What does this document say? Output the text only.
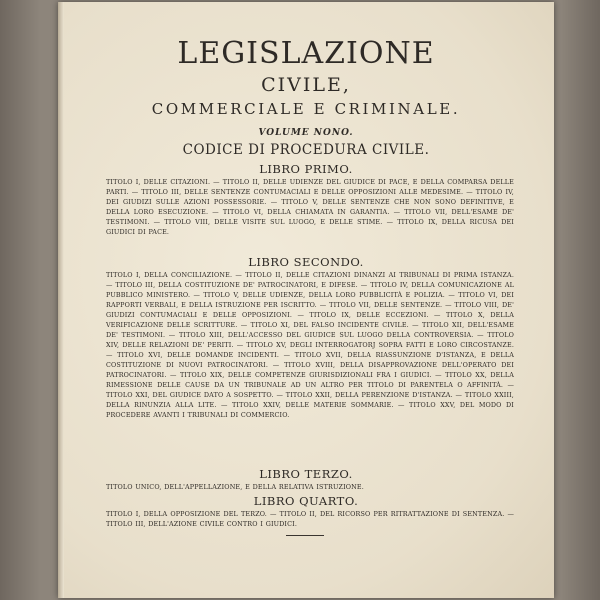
LEGISLAZIONE
CIVILE,
COMMERCIALE E CRIMINALE.
VOLUME NONO.
CODICE DI PROCEDURA CIVILE.
LIBRO PRIMO.
TITOLO I, DELLE CITAZIONI. — TITOLO II, DELLE UDIENZE DEL GIUDICE DI PACE, E DELLA COMPARSA DELLE PARTI. — TITOLO III, DELLE SENTENZE CONTUMACIALI E DELLE OPPOSIZIONI ALLE MEDESIME. — TITOLO IV, DEI GIUDIZI SULLE AZIONI POSSESSORIE. — TITOLO V, DELLE SENTENZE CHE NON SONO DEFINITIVE, E DELLA LORO ESECUZIONE. — TITOLO VI, DELLA CHIAMATA IN GARANTIA. — TITOLO VII, DELL'ESAME DE' TESTIMONI. — TITOLO VIII, DELLE VISITE SUL LUOGO, E DELLE STIME. — TITOLO IX, DELLA RICUSA DEI GIUDICI DI PACE.
LIBRO SECONDO.
TITOLO I, DELLA CONCILIAZIONE. — TITOLO II, DELLE CITAZIONI DINANZI AI TRIBUNALI DI PRIMA ISTANZA. — TITOLO III, DELLA COSTITUZIONE DE' PATROCINATORI, E DIFESE. — TITOLO IV, DELLA COMUNICAZIONE AL PUBBLICO MINISTERO. — TITOLO V, DELLE UDIENZE, DELLA LORO PUBBLICITÀ E POLIZIA. — TITOLO VI, DEI RAPPORTI VERBALI, E DELLA ISTRUZIONE PER ISCRITTO. — TITOLO VII, DELLE SENTENZE. — TITOLO VIII, DE' GIUDIZI CONTUMACIALI E DELLE OPPOSIZIONI. — TITOLO IX, DELLE ECCEZIONI. — TITOLO X, DELLA VERIFICAZIONE DELLE SCRITTURE. — TITOLO XI, DEL FALSO INCIDENTE CIVILE. — TITOLO XII, DELL'ESAME DE' TESTIMONI. — TITOLO XIII, DELL'ACCESSO DEL GIUDICE SUL LUOGO DELLA CONTROVERSIA. — TITOLO XIV, DELLE RELAZIONI DE' PERITI. — TITOLO XV, DEGLI INTERROGATORJ SOPRA FATTI E LORO CIRCOSTANZE. — TITOLO XVI, DELLE DOMANDE INCIDENTI. — TITOLO XVII, DELLA RIASSUNZIONE D'ISTANZA, E DELLA COSTITUZIONE DI NUOVI PATROCINATORI. — TITOLO XVIII, DELLA DISAPPROVAZIONE DELL'OPERATO DEI PATROCINATORI. — TITOLO XIX, DELLE COMPETENZE GIURISDIZIONALI FRA I GIUDICI. — TITOLO XX, DELLA RIMESSIONE DELLE CAUSE DA UN TRIBUNALE AD UN ALTRO PER TITOLO DI PARENTELA O AFFINITÀ. — TITOLO XXI, DEL GIUDICE DATO A SOSPETTO. — TITOLO XXII, DELLA PERENZIONE D'ISTANZA. — TITOLO XXIII, DELLA RINUNZIA ALLA LITE. — TITOLO XXIV, DELLE MATERIE SOMMARIE. — TITOLO XXV, DEL MODO DI PROCEDERE AVANTI I TRIBUNALI DI COMMERCIO.
LIBRO TERZO.
TITOLO UNICO, DELL'APPELLAZIONE, E DELLA RELATIVA ISTRUZIONE.
LIBRO QUARTO.
TITOLO I, DELLA OPPOSIZIONE DEL TERZO. — TITOLO II, DEL RICORSO PER RITRATTAZIONE DI SENTENZA. — TITOLO III, DELL'AZIONE CIVILE CONTRO I GIUDICI.
